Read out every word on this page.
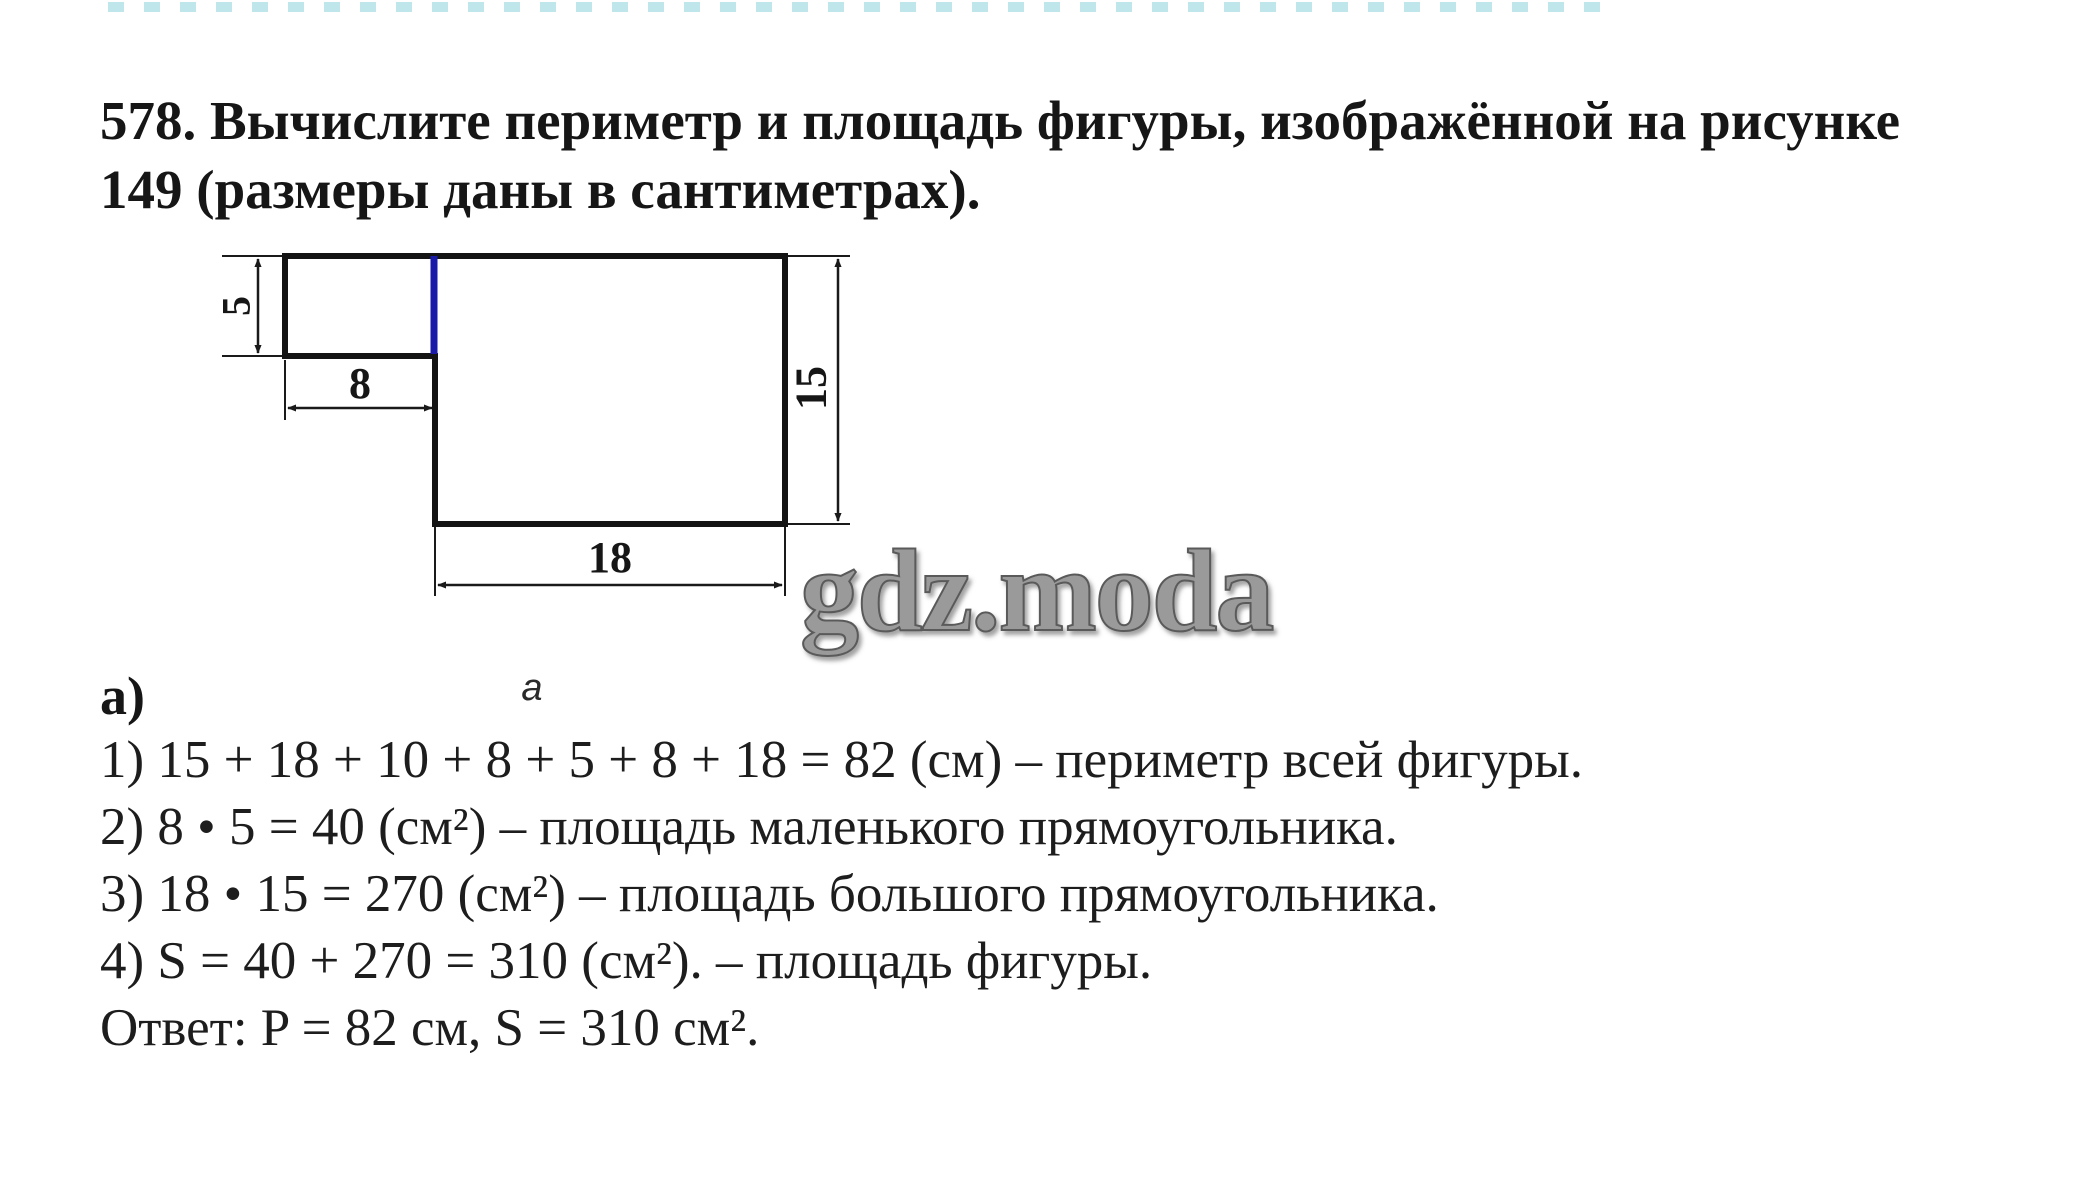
578. Вычислите периметр и площадь фигуры, изображённой на рисунке
149 (размеры даны в сантиметрах).
5
8	15
18
а
gdz.moda
а)
1) 15 + 18 + 10 + 8 + 5 + 8 + 18 = 82 (см) – периметр всей фигуры.
2) 8 • 5 = 40 (см²) – площадь маленького прямоугольника.
3) 18 • 15 = 270 (см²) – площадь большого прямоугольника.
4) S = 40 + 270 = 310 (см²). – площадь фигуры.
Ответ: P = 82 см, S = 310 см².
